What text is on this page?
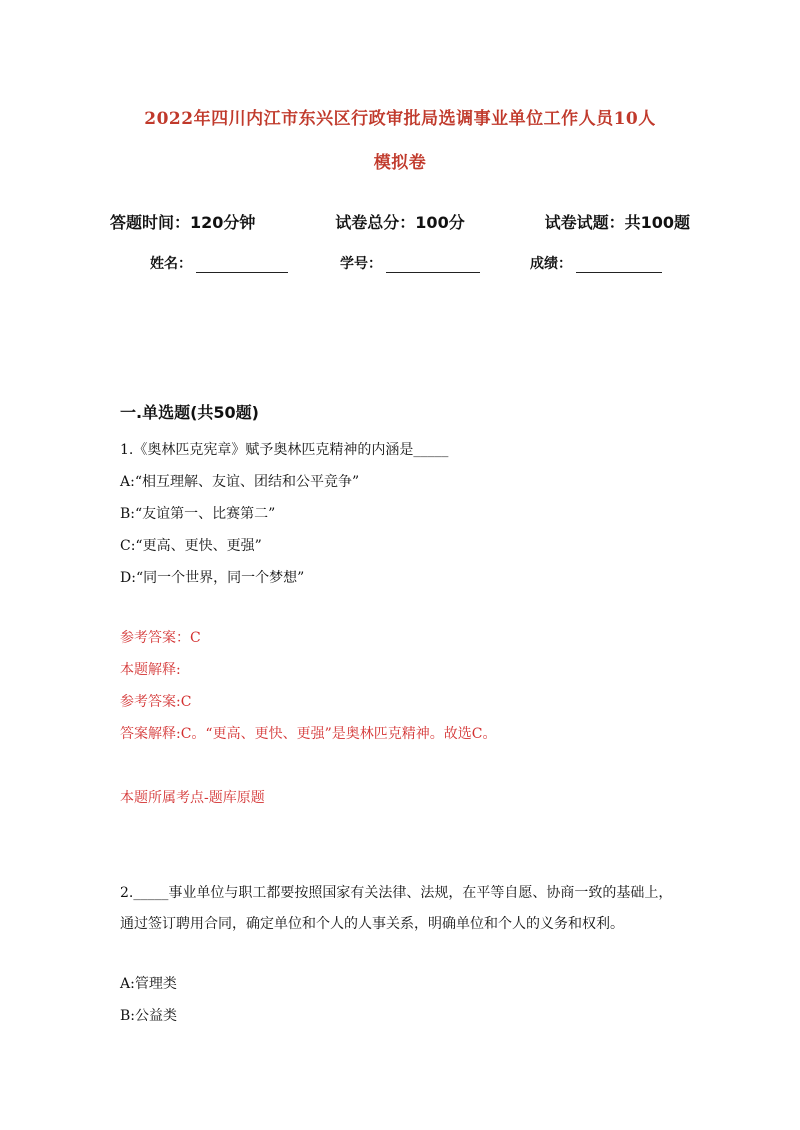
2022年四川内江市东兴区行政审批局选调事业单位工作人员10人
模拟卷
答题时间：120分钟	试卷总分：100分	试卷试题：共100题
姓名：	学号：	成绩：
一.单选题(共50题)
1.《奥林匹克宪章》赋予奥林匹克精神的内涵是_____
A:“相互理解、友谊、团结和公平竞争”
B:“友谊第一、比赛第二”
C:“更高、更快、更强”
D:“同一个世界，同一个梦想”
参考答案：C
本题解释:
参考答案:C
答案解释:C。“更高、更快、更强”是奥林匹克精神。故选C。
本题所属考点-题库原题
2._____事业单位与职工都要按照国家有关法律、法规，在平等自愿、协商一致的基础上，通过签订聘用合同，确定单位和个人的人事关系，明确单位和个人的义务和权利。
A:管理类
B:公益类
